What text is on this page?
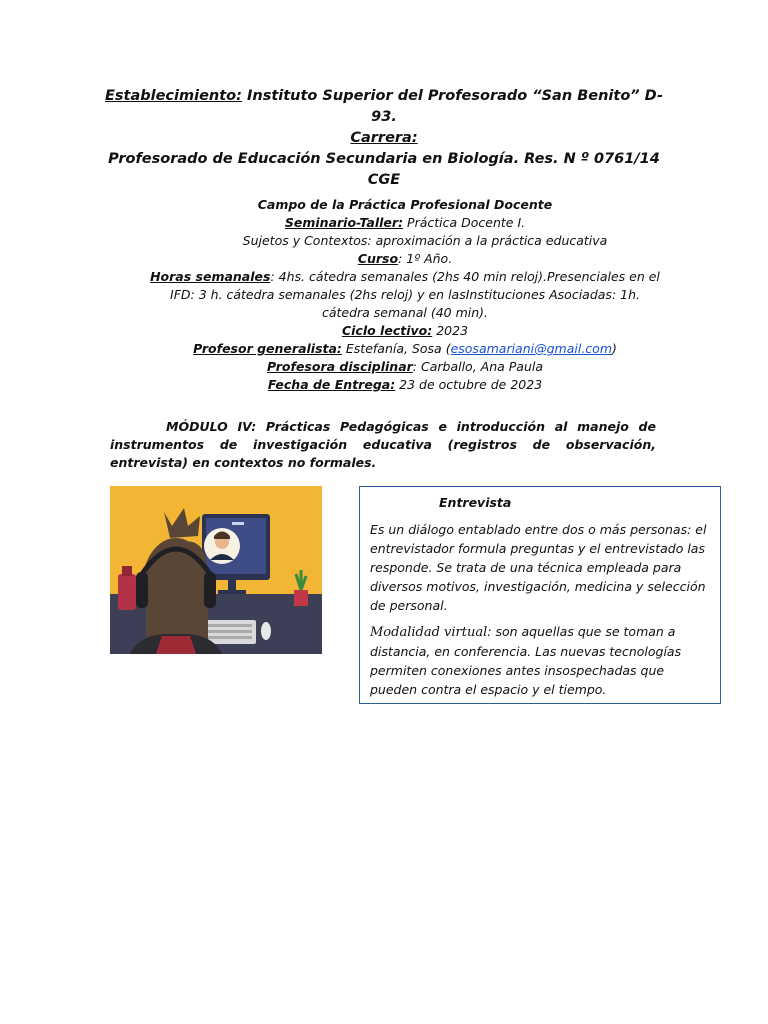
Establecimiento: Instituto Superior del Profesorado “San Benito” D-93.
Carrera:
Profesorado de Educación Secundaria en Biología. Res. N º 0761/14 CGE
Campo de la Práctica Profesional Docente
Seminario-Taller: Práctica Docente I.
Sujetos y Contextos: aproximación a la práctica educativa
Curso: 1º Año.
Horas semanales: 4hs. cátedra semanales (2hs 40 min reloj).Presenciales en el IFD: 3 h. cátedra semanales (2hs reloj) y en lasInstituciones Asociadas: 1h. cátedra semanal (40 min).
Ciclo lectivo: 2023
Profesor generalista: Estefanía, Sosa (esosamariani@gmail.com)
Profesora disciplinar: Carballo, Ana Paula
Fecha de Entrega: 23 de octubre de 2023
MÓDULO IV: Prácticas Pedagógicas e introducción al manejo de instrumentos de investigación educativa (registros de observación, entrevista) en contextos no formales.
Entrevista

Es un diálogo entablado entre dos o más personas: el entrevistador formula preguntas y el entrevistado las responde. Se trata de una técnica empleada para diversos motivos, investigación, medicina y selección de personal.

Modalidad virtual: son aquellas que se toman a distancia, en conferencia. Las nuevas tecnologías permiten conexiones antes insospechadas que pueden contra el espacio y el tiempo.
